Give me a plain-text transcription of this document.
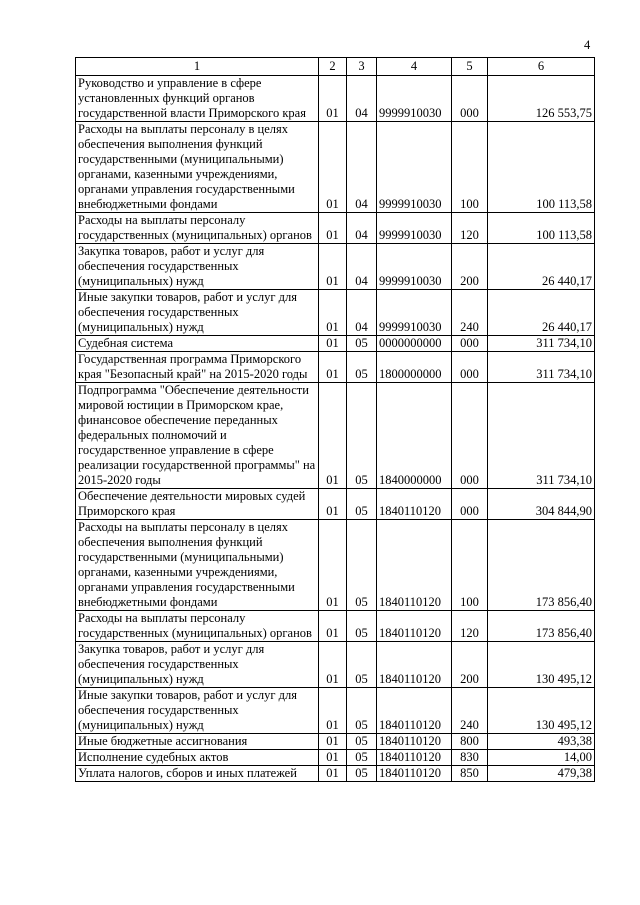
4
1	2	3	4	5	6
Руководство и управление в сфере установленных функций органов государственной власти Приморского края	01	04	9999910030	000	126 553,75
Расходы на выплаты персоналу в целях обеспечения выполнения функций государственными (муниципальными) органами, казенными учреждениями, органами управления государственными внебюджетными фондами	01	04	9999910030	100	100 113,58
Расходы на выплаты персоналу государственных (муниципальных) органов	01	04	9999910030	120	100 113,58
Закупка товаров, работ и услуг для обеспечения государственных (муниципальных) нужд	01	04	9999910030	200	26 440,17
Иные закупки товаров, работ и услуг для обеспечения государственных (муниципальных) нужд	01	04	9999910030	240	26 440,17
Судебная система	01	05	0000000000	000	311 734,10
Государственная программа Приморского края "Безопасный край" на 2015-2020 годы	01	05	1800000000	000	311 734,10
Подпрограмма "Обеспечение деятельности мировой юстиции в Приморском крае, финансовое обеспечение переданных федеральных полномочий и государственное управление в сфере реализации государственной программы" на 2015-2020 годы	01	05	1840000000	000	311 734,10
Обеспечение деятельности мировых судей Приморского края	01	05	1840110120	000	304 844,90
Расходы на выплаты персоналу в целях обеспечения выполнения функций государственными (муниципальными) органами, казенными учреждениями, органами управления государственными внебюджетными фондами	01	05	1840110120	100	173 856,40
Расходы на выплаты персоналу государственных (муниципальных) органов	01	05	1840110120	120	173 856,40
Закупка товаров, работ и услуг для обеспечения государственных (муниципальных) нужд	01	05	1840110120	200	130 495,12
Иные закупки товаров, работ и услуг для обеспечения государственных (муниципальных) нужд	01	05	1840110120	240	130 495,12
Иные бюджетные ассигнования	01	05	1840110120	800	493,38
Исполнение судебных актов	01	05	1840110120	830	14,00
Уплата налогов, сборов и иных платежей	01	05	1840110120	850	479,38
